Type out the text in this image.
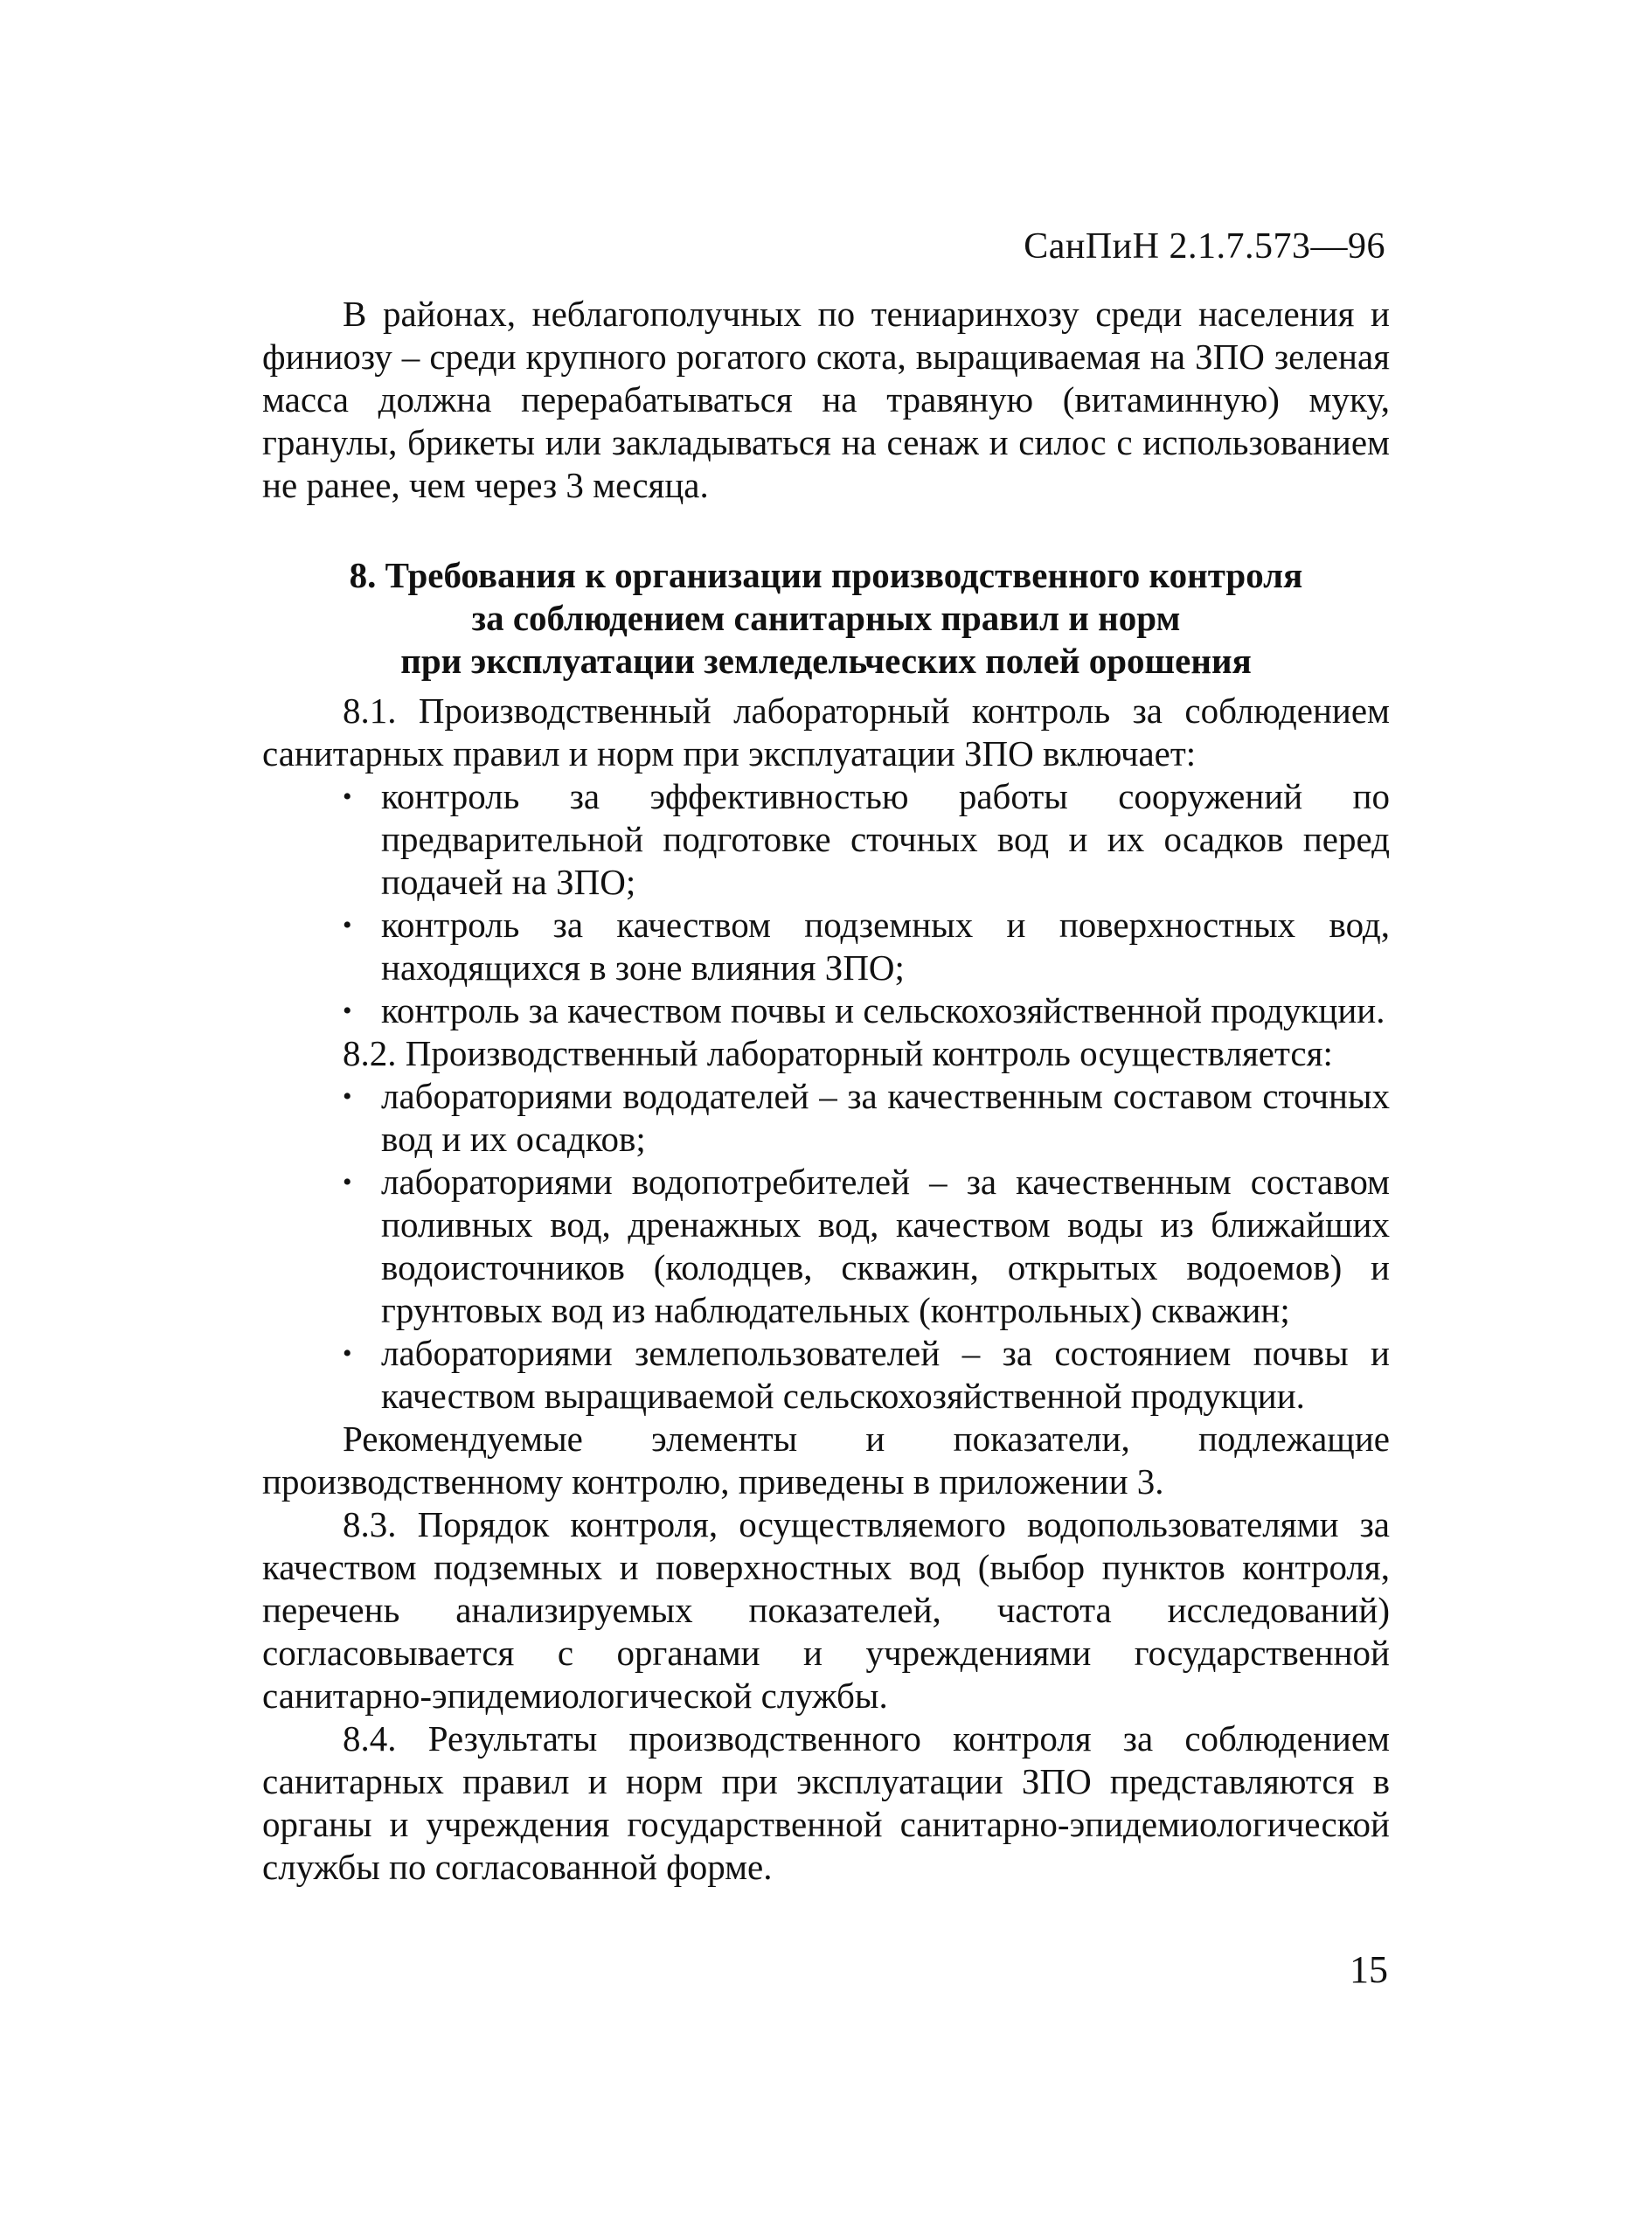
СанПиН 2.1.7.573—96

В районах, неблагополучных по тениаринхозу среди населения и финиозу – среди крупного рогатого скота, выращиваемая на ЗПО зеленая масса должна перерабатываться на травяную (витаминную) муку, гранулы, брикеты или закладываться на сенаж и силос с использованием не ранее, чем через 3 месяца.

8. Требования к организации производственного контроля
за соблюдением санитарных правил и норм
при эксплуатации земледельческих полей орошения

8.1. Производственный лабораторный контроль за соблюдением санитарных правил и норм при эксплуатации ЗПО включает:

• контроль за эффективностью работы сооружений по предварительной подготовке сточных вод и их осадков перед подачей на ЗПО;
• контроль за качеством подземных и поверхностных вод, находящихся в зоне влияния ЗПО;
• контроль за качеством почвы и сельскохозяйственной продукции.

8.2. Производственный лабораторный контроль осуществляется:

• лабораториями вододателей – за качественным составом сточных вод и их осадков;
• лабораториями водопотребителей – за качественным составом поливных вод, дренажных вод, качеством воды из ближайших водоисточников (колодцев, скважин, открытых водоемов) и грунтовых вод из наблюдательных (контрольных) скважин;
• лабораториями землепользователей – за состоянием почвы и качеством выращиваемой сельскохозяйственной продукции.

Рекомендуемые элементы и показатели, подлежащие производственному контролю, приведены в приложении 3.

8.3. Порядок контроля, осуществляемого водопользователями за качеством подземных и поверхностных вод (выбор пунктов контроля, перечень анализируемых показателей, частота исследований) согласовывается с органами и учреждениями государственной санитарно-эпидемиологической службы.

8.4. Результаты производственного контроля за соблюдением санитарных правил и норм при эксплуатации ЗПО представляются в органы и учреждения государственной санитарно-эпидемиологической службы по согласованной форме.

15
